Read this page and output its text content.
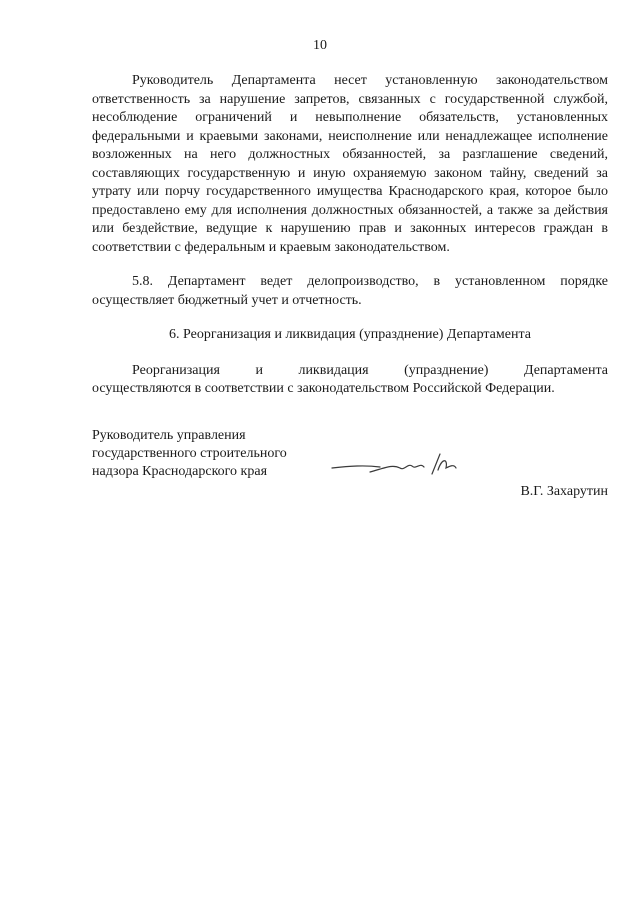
10
Руководитель Департамента несет установленную законодательством ответственность за нарушение запретов, связанных с государственной службой, несоблюдение ограничений и невыполнение обязательств, установленных федеральными и краевыми законами, неисполнение или ненадлежащее исполнение возложенных на него должностных обязанностей, за разглашение сведений, составляющих государственную и иную охраняемую законом тайну, сведений за утрату или порчу государственного имущества Краснодарского края, которое было предоставлено ему для исполнения должностных обязанностей, а также за действия или бездействие, ведущие к нарушению прав и законных интересов граждан в соответствии с федеральным и краевым законодательством.
5.8. Департамент ведет делопроизводство, в установленном порядке осуществляет бюджетный учет и отчетность.
6. Реорганизация и ликвидация (упразднение) Департамента
Реорганизация и ликвидация (упразднение) Департамента
осуществляются в соответствии с законодательством Российской Федерации.
Руководитель управления
государственного строительного
надзора Краснодарского края
В.Г. Захарутин
